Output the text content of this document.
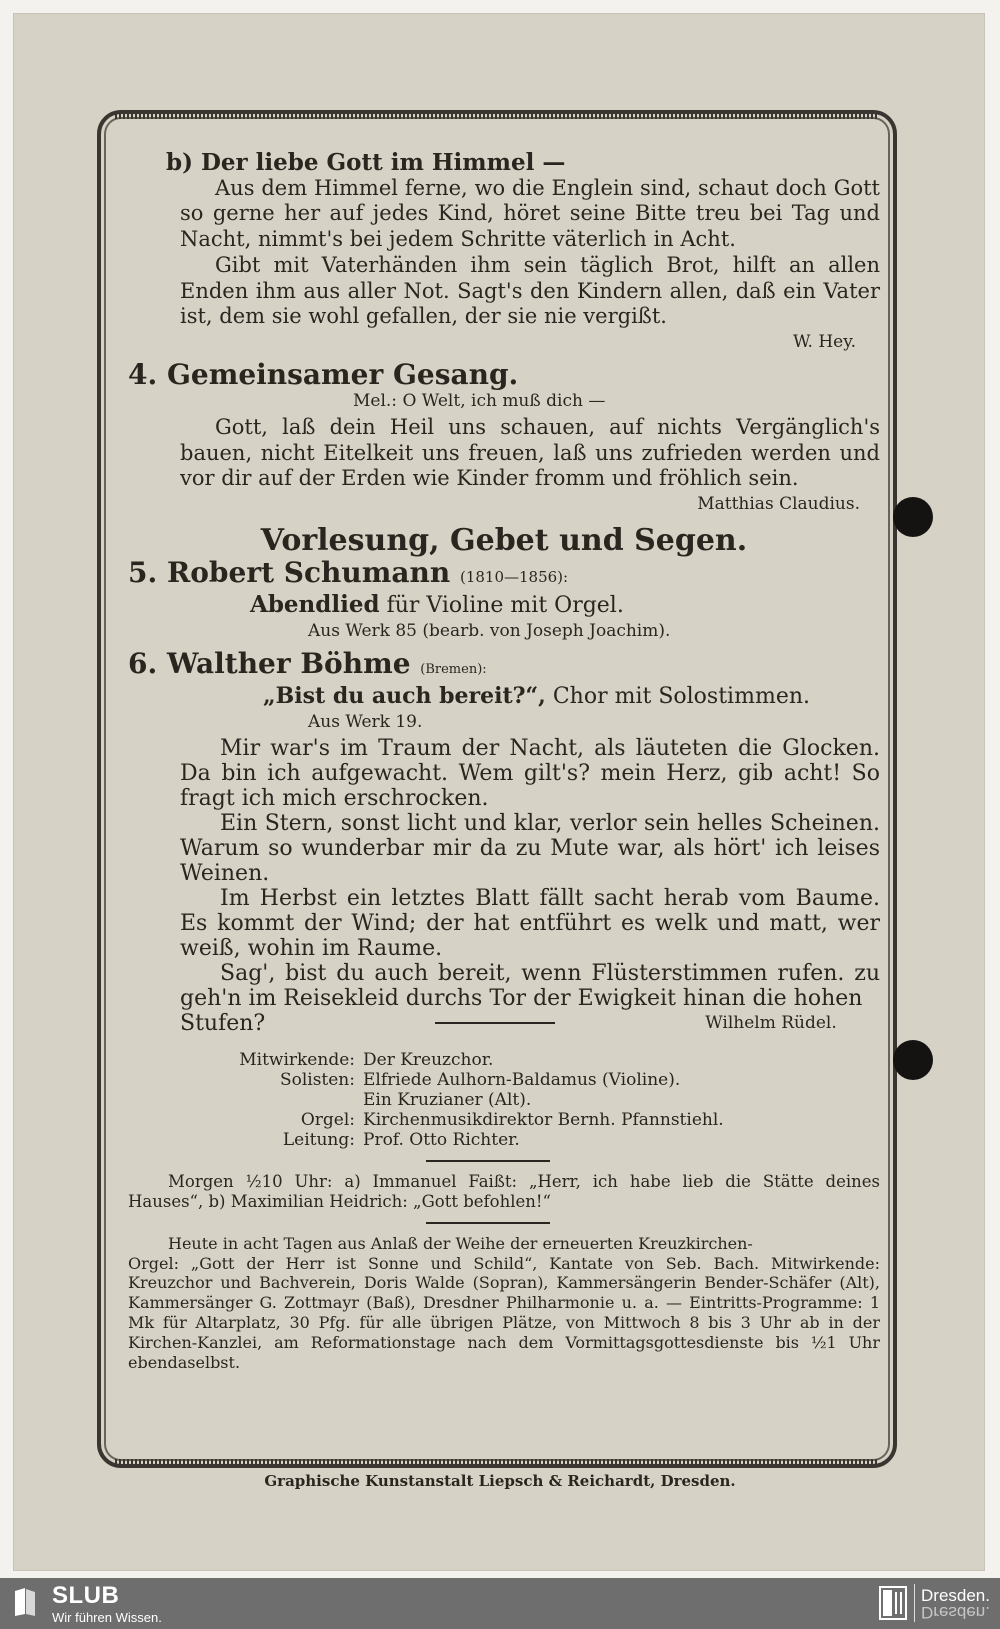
b) Der liebe Gott im Himmel —
Aus dem Himmel ferne, wo die Englein sind, schaut doch Gott so gerne her auf jedes Kind, höret seine Bitte treu bei Tag und Nacht, nimmt's bei jedem Schritte väterlich in Acht.
Gibt mit Vaterhänden ihm sein täglich Brot, hilft an allen Enden ihm aus aller Not. Sagt's den Kindern allen, daß ein Vater ist, dem sie wohl gefallen, der sie nie vergißt.
W. Hey.
4. Gemeinsamer Gesang.
Mel.: O Welt, ich muß dich —
Gott, laß dein Heil uns schauen, auf nichts Vergänglich's bauen, nicht Eitelkeit uns freuen, laß uns zufrieden werden und vor dir auf der Erden wie Kinder fromm und fröhlich sein.
Matthias Claudius.
Vorlesung, Gebet und Segen.
5. Robert Schumann (1810—1856):
Abendlied für Violine mit Orgel.
Aus Werk 85 (bearb. von Joseph Joachim).
6. Walther Böhme (Bremen):
„Bist du auch bereit?“, Chor mit Solostimmen.
Aus Werk 19.
Mir war's im Traum der Nacht, als läuteten die Glocken. Da bin ich aufgewacht. Wem gilt's? mein Herz, gib acht! So fragt ich mich erschrocken.
Ein Stern, sonst licht und klar, verlor sein helles Scheinen. Warum so wunderbar mir da zu Mute war, als hört' ich leises Weinen.
Im Herbst ein letztes Blatt fällt sacht herab vom Baume. Es kommt der Wind; der hat entführt es welk und matt, wer weiß, wohin im Raume.
Sag', bist du auch bereit, wenn Flüsterstimmen rufen. zu geh'n im Reisekleid durchs Tor der Ewigkeit hinan die hohen
Stufen?	Wilhelm Rüdel.
Mitwirkende: Der Kreuzchor.
Solisten: Elfriede Aulhorn-Baldamus (Violine).
Ein Kruzianer (Alt).
Orgel: Kirchenmusikdirektor Bernh. Pfannstiehl.
Leitung: Prof. Otto Richter.
Morgen ½10 Uhr: a) Immanuel Faißt: „Herr, ich habe lieb die Stätte deines Hauses“, b) Maximilian Heidrich: „Gott befohlen!“
Heute in acht Tagen aus Anlaß der Weihe der erneuerten Kreuzkirchen-
Orgel: „Gott der Herr ist Sonne und Schild“, Kantate von Seb. Bach. Mitwirkende: Kreuzchor und Bachverein, Doris Walde (Sopran), Kammersängerin Bender-Schäfer (Alt), Kammersänger G. Zottmayr (Baß), Dresdner Philharmonie u. a. — Eintritts-Programme: 1 Mk für Altarplatz, 30 Pfg. für alle übrigen Plätze, von Mittwoch 8 bis 3 Uhr ab in der Kirchen-Kanzlei, am Reformationstage nach dem Vormittagsgottesdienste bis ½1 Uhr ebendaselbst.
Graphische Kunstanstalt Liepsch & Reichardt, Dresden.
SLUB
Wir führen Wissen.
Dresden.
Dresden.
